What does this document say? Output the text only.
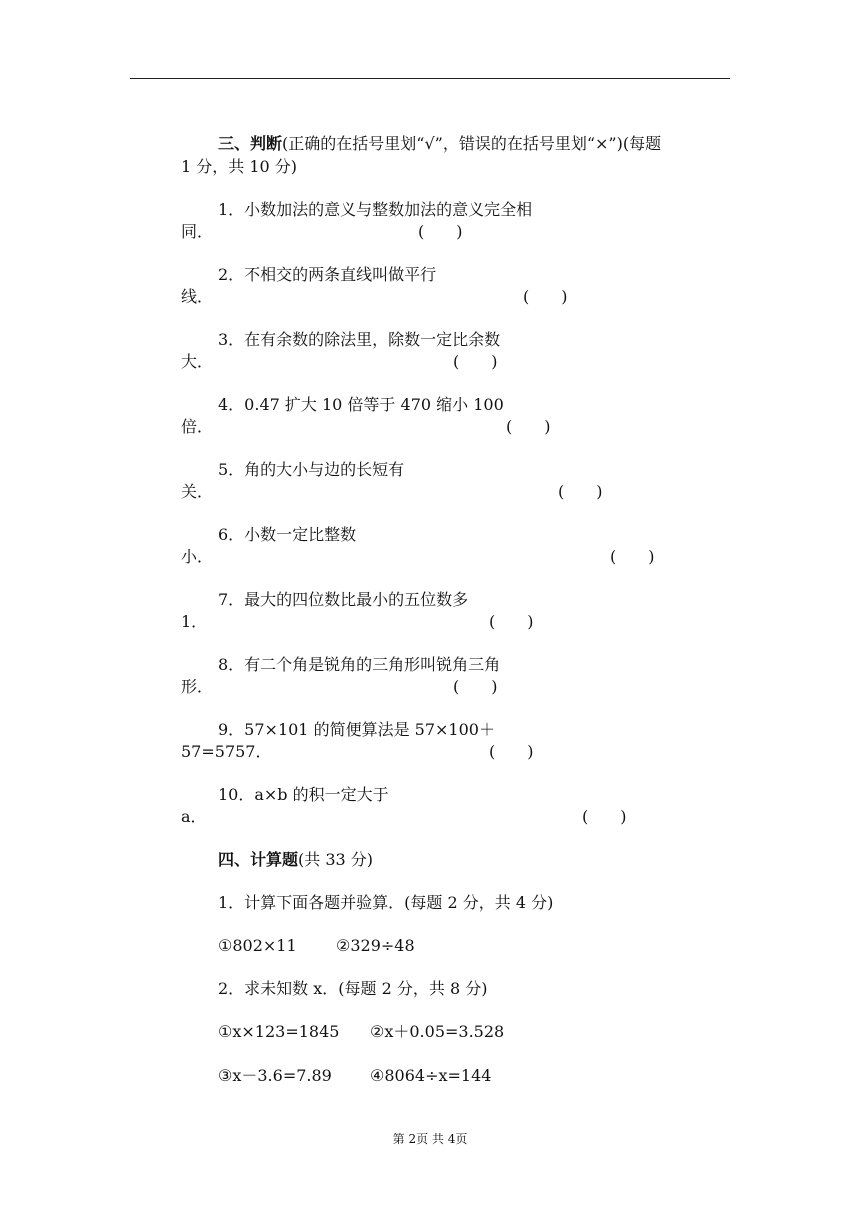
三、判断(正确的在括号里划“√”，错误的在括号里划“×”)(每题
1 分，共 10 分)
1．小数加法的意义与整数加法的意义完全相
同．	(　　)
2．不相交的两条直线叫做平行
线．	(　　)
3．在有余数的除法里，除数一定比余数
大．	(　　)
4．0.47 扩大 10 倍等于 470 缩小 100
倍．	(　　)
5．角的大小与边的长短有
关．	(　　)
6．小数一定比整数
小．	(　　)
7．最大的四位数比最小的五位数多
1．	(　　)
8．有二个角是锐角的三角形叫锐角三角
形．	(　　)
9．57×101 的简便算法是 57×100＋
57=5757．	(　　)
10．a×b 的积一定大于
a．	(　　)
四、计算题(共 33 分)
1．计算下面各题并验算．(每题 2 分，共 4 分)
①802×11 ②329÷48
2．求未知数 x．(每题 2 分，共 8 分)
①x×123=1845 ②x＋0.05=3.528
③x－3.6=7.89 ④8064÷x=144
第 2页 共 4页
